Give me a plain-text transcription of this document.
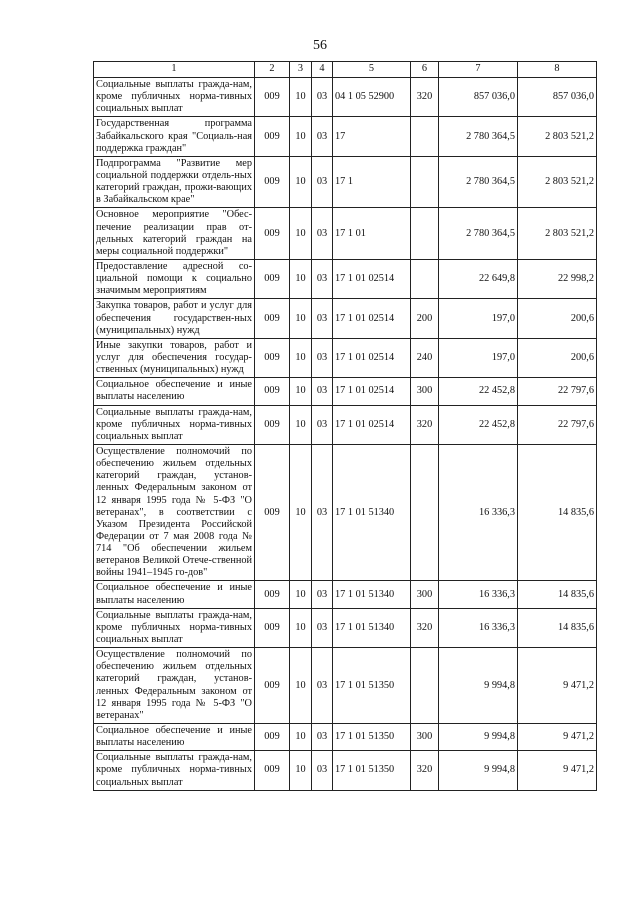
56
1	2	3	4	5	6	7	8
Социальные выплаты гражда-нам, кроме публичных норма-тивных социальных выплат	009	10	03	04 1 05 52900	320	857 036,0	857 036,0
Государственная программа Забайкальского края "Социаль-ная поддержка граждан"	009	10	03	17		2 780 364,5	2 803 521,2
Подпрограмма "Развитие мер социальной поддержки отдель-ных категорий граждан, прожи-вающих в Забайкальском крае"	009	10	03	17 1		2 780 364,5	2 803 521,2
Основное мероприятие "Обес-печение реализации прав от-дельных категорий граждан на меры социальной поддержки"	009	10	03	17 1 01		2 780 364,5	2 803 521,2
Предоставление адресной со-циальной помощи к социально значимым мероприятиям	009	10	03	17 1 01 02514		22 649,8	22 998,2
Закупка товаров, работ и услуг для обеспечения государствен-ных (муниципальных) нужд	009	10	03	17 1 01 02514	200	197,0	200,6
Иные закупки товаров, работ и услуг для обеспечения государ-ственных (муниципальных) нужд	009	10	03	17 1 01 02514	240	197,0	200,6
Социальное обеспечение и иные выплаты населению	009	10	03	17 1 01 02514	300	22 452,8	22 797,6
Социальные выплаты гражда-нам, кроме публичных норма-тивных социальных выплат	009	10	03	17 1 01 02514	320	22 452,8	22 797,6
Осуществление полномочий по обеспечению жильем отдельных категорий граждан, установ-ленных Федеральным законом от 12 января 1995 года № 5-ФЗ "О ветеранах", в соответствии с Указом Президента Российской Федерации от 7 мая 2008 года № 714 "Об обеспечении жильем ветеранов Великой Отече-ственной войны 1941–1945 го-дов"	009	10	03	17 1 01 51340		16 336,3	14 835,6
Социальное обеспечение и иные выплаты населению	009	10	03	17 1 01 51340	300	16 336,3	14 835,6
Социальные выплаты гражда-нам, кроме публичных норма-тивных социальных выплат	009	10	03	17 1 01 51340	320	16 336,3	14 835,6
Осуществление полномочий по обеспечению жильем отдельных категорий граждан, установ-ленных Федеральным законом от 12 января 1995 года № 5-ФЗ "О ветеранах"	009	10	03	17 1 01 51350		9 994,8	9 471,2
Социальное обеспечение и иные выплаты населению	009	10	03	17 1 01 51350	300	9 994,8	9 471,2
Социальные выплаты гражда-нам, кроме публичных норма-тивных социальных выплат	009	10	03	17 1 01 51350	320	9 994,8	9 471,2
